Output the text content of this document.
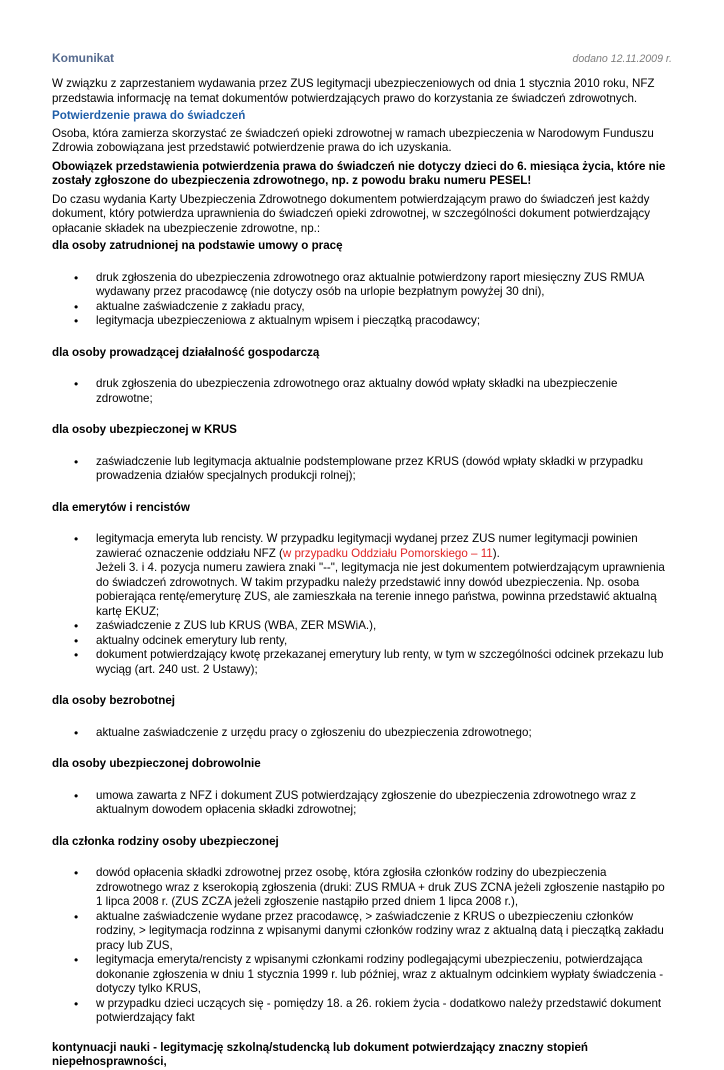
Komunikat	dodano 12.11.2009 r.

W związku z zaprzestaniem wydawania przez ZUS legitymacji ubezpieczeniowych od dnia 1 stycznia 2010 roku, NFZ przedstawia informację na temat dokumentów potwierdzających prawo do korzystania ze świadczeń zdrowotnych.

Potwierdzenie prawa do świadczeń

Osoba, która zamierza skorzystać ze świadczeń opieki zdrowotnej w ramach ubezpieczenia w Narodowym Funduszu Zdrowia zobowiązana jest przedstawić potwierdzenie prawa do ich uzyskania.

Obowiązek przedstawienia potwierdzenia prawa do świadczeń nie dotyczy dzieci do 6. miesiąca życia, które nie zostały zgłoszone do ubezpieczenia zdrowotnego, np. z powodu braku numeru PESEL!

Do czasu wydania Karty Ubezpieczenia Zdrowotnego dokumentem potwierdzającym prawo do świadczeń jest każdy dokument, który potwierdza uprawnienia do świadczeń opieki zdrowotnej, w szczególności dokument potwierdzający opłacanie składek na ubezpieczenie zdrowotne, np.:

dla osoby zatrudnionej na podstawie umowy o pracę

• druk zgłoszenia do ubezpieczenia zdrowotnego oraz aktualnie potwierdzony raport miesięczny ZUS RMUA wydawany przez pracodawcę (nie dotyczy osób na urlopie bezpłatnym powyżej 30 dni),
• aktualne zaświadczenie z zakładu pracy,
• legitymacja ubezpieczeniowa z aktualnym wpisem i pieczątką pracodawcy;

dla osoby prowadzącej działalność gospodarczą

• druk zgłoszenia do ubezpieczenia zdrowotnego oraz aktualny dowód wpłaty składki na ubezpieczenie zdrowotne;

dla osoby ubezpieczonej w KRUS

• zaświadczenie lub legitymacja aktualnie podstemplowane przez KRUS (dowód wpłaty składki w przypadku prowadzenia działów specjalnych produkcji rolnej);

dla emerytów i rencistów

• legitymacja emeryta lub rencisty. W przypadku legitymacji wydanej przez ZUS numer legitymacji powinien zawierać oznaczenie oddziału NFZ (w przypadku Oddziału Pomorskiego – 11).
Jeżeli 3. i 4. pozycja numeru zawiera znaki "--", legitymacja nie jest dokumentem potwierdzającym uprawnienia do świadczeń zdrowotnych. W takim przypadku należy przedstawić inny dowód ubezpieczenia. Np. osoba pobierająca rentę/emeryturę ZUS, ale zamieszkała na terenie innego państwa, powinna przedstawić aktualną kartę EKUZ;
• zaświadczenie z ZUS lub KRUS (WBA, ZER MSWiA.),
• aktualny odcinek emerytury lub renty,
• dokument potwierdzający kwotę przekazanej emerytury lub renty, w tym w szczególności odcinek przekazu lub wyciąg (art. 240 ust. 2 Ustawy);

dla osoby bezrobotnej

• aktualne zaświadczenie z urzędu pracy o zgłoszeniu do ubezpieczenia zdrowotnego;

dla osoby ubezpieczonej dobrowolnie

• umowa zawarta z NFZ i dokument ZUS potwierdzający zgłoszenie do ubezpieczenia zdrowotnego wraz z aktualnym dowodem opłacenia składki zdrowotnej;

dla członka rodziny osoby ubezpieczonej

• dowód opłacenia składki zdrowotnej przez osobę, która zgłosiła członków rodziny do ubezpieczenia zdrowotnego wraz z kserokopią zgłoszenia (druki: ZUS RMUA + druk ZUS ZCNA jeżeli zgłoszenie nastąpiło po 1 lipca 2008 r. (ZUS ZCZA jeżeli zgłoszenie nastąpiło przed dniem 1 lipca 2008 r.),
• aktualne zaświadczenie wydane przez pracodawcę, > zaświadczenie z KRUS o ubezpieczeniu członków rodziny, > legitymacja rodzinna z wpisanymi danymi członków rodziny wraz z aktualną datą i pieczątką zakładu pracy lub ZUS,
• legitymacja emeryta/rencisty z wpisanymi członkami rodziny podlegającymi ubezpieczeniu, potwierdzająca dokonanie zgłoszenia w dniu 1 stycznia 1999 r. lub później, wraz z aktualnym odcinkiem wypłaty świadczenia - dotyczy tylko KRUS,
• w przypadku dzieci uczących się - pomiędzy 18. a 26. rokiem życia - dodatkowo należy przedstawić dokument potwierdzający fakt

kontynuacji nauki - legitymację szkolną/studencką lub dokument potwierdzający znaczny stopień niepełnosprawności,
